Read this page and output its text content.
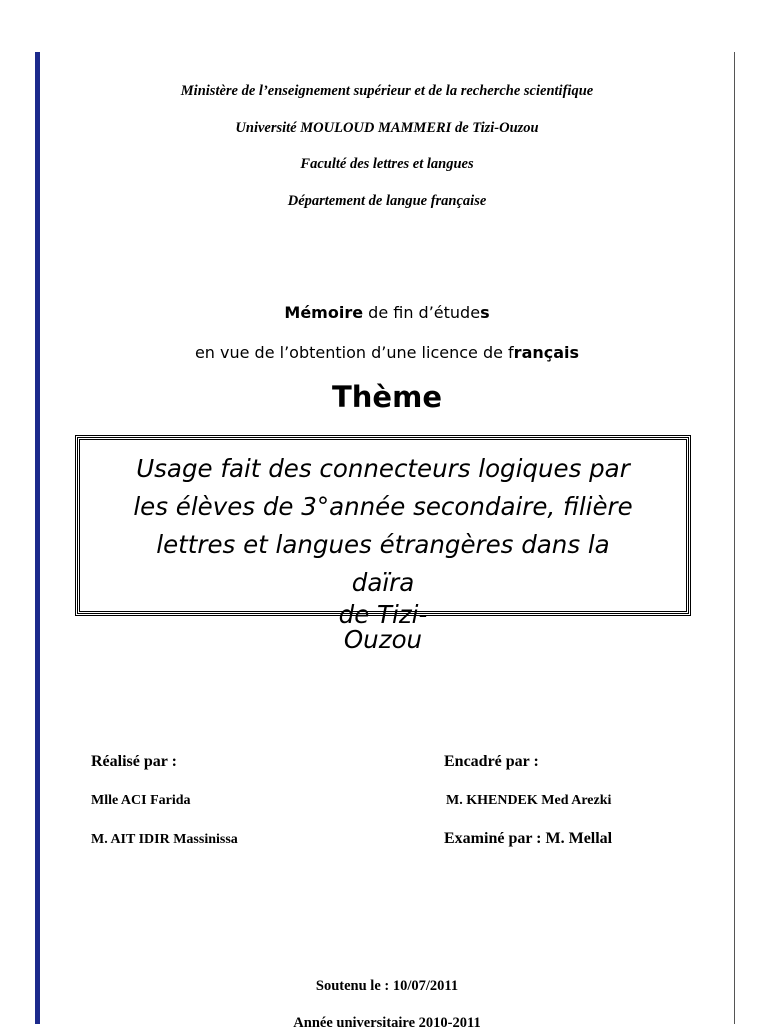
Ministère de l’enseignement supérieur et de la recherche scientifique
Université MOULOUD MAMMERI de Tizi-Ouzou
Faculté des lettres et langues
Département de langue française
Mémoire de fin d’études
en vue de l’obtention d’une licence de français
Thème
Usage fait des connecteurs logiques par
les élèves de 3°année secondaire, filière
lettres et langues étrangères dans la
daïra
de Tizi-
Ouzou
Réalisé par :
Mlle ACI Farida
M. AIT IDIR Massinissa
Encadré par :
M. KHENDEK Med Arezki
Examiné par : M. Mellal
Soutenu le : 10/07/2011
Année universitaire 2010-2011
